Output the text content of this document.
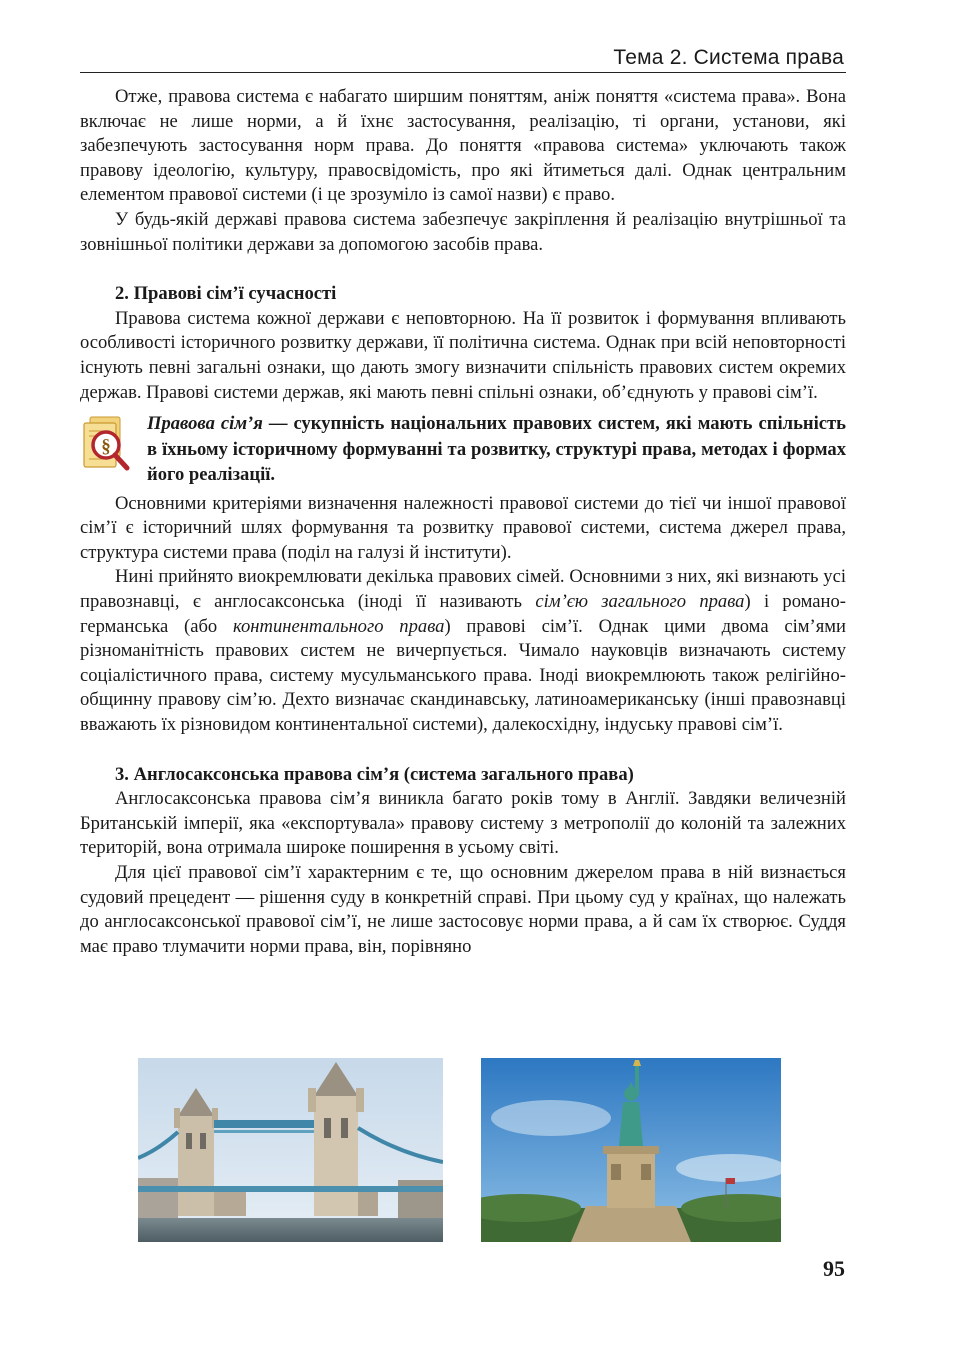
Тема 2. Система права

Отже, правова система є набагато ширшим поняттям, аніж поняття «система права». Вона включає не лише норми, а й їхнє застосування, реалізацію, ті органи, установи, які забезпечують застосування норм права. До поняття «правова система» уключають також правову ідеологію, культуру, правосвідомість, про які йтиметься далі. Однак центральним елементом правової системи (і це зрозуміло із самої назви) є право.

У будь-якій державі правова система забезпечує закріплення й реалізацію внутрішньої та зовнішньої політики держави за допомогою засобів права.

2. Правові сім’ї сучасності

Правова система кожної держави є неповторною. На її розвиток і формування впливають особливості історичного розвитку держави, її політична система. Однак при всій неповторності існують певні загальні ознаки, що дають змогу визначити спільність правових систем окремих держав. Правові системи держав, які мають певні спільні ознаки, об’єднують у правові сім’ї.

§

Правова сім’я — сукупність національних правових систем, які мають спільність в їхньому історичному формуванні та розвитку, структурі права, методах і формах його реалізації.

Основними критеріями визначення належності правової системи до тієї чи іншої правової сім’ї є історичний шлях формування та розвитку правової системи, система джерел права, структура системи права (поділ на галузі й інститути).

Нині прийнято виокремлювати декілька правових сімей. Основними з них, які визнають усі правознавці, є англосаксонська (іноді її називають сім’єю загального права) і романо-германська (або континентального права) правові сім’ї. Однак цими двома сім’ями різноманітність правових систем не вичерпується. Чимало науковців визначають систему соціалістичного права, систему мусульманського права. Іноді виокремлюють також релігійно-общинну правову сім’ю. Дехто визначає скандинавську, латиноамериканську (інші правознавці вважають їх різновидом континентальної системи), далекосхідну, індуську правові сім’ї.

3. Англосаксонська правова сім’я (система загального права)

Англосаксонська правова сім’я виникла багато років тому в Англії. Завдяки величезній Британській імперії, яка «експортувала» правову систему з метрополії до колоній та залежних територій, вона отримала широке поширення в усьому світі.

Для цієї правової сім’ї характерним є те, що основним джерелом права в ній визнається судовий прецедент — рішення суду в конкретній справі. При цьому суд у країнах, що належать до англосаксонської правової сім’ї, не лише застосовує норми права, а й сам їх створює. Суддя має право тлумачити норми права, він, порівняно

95
